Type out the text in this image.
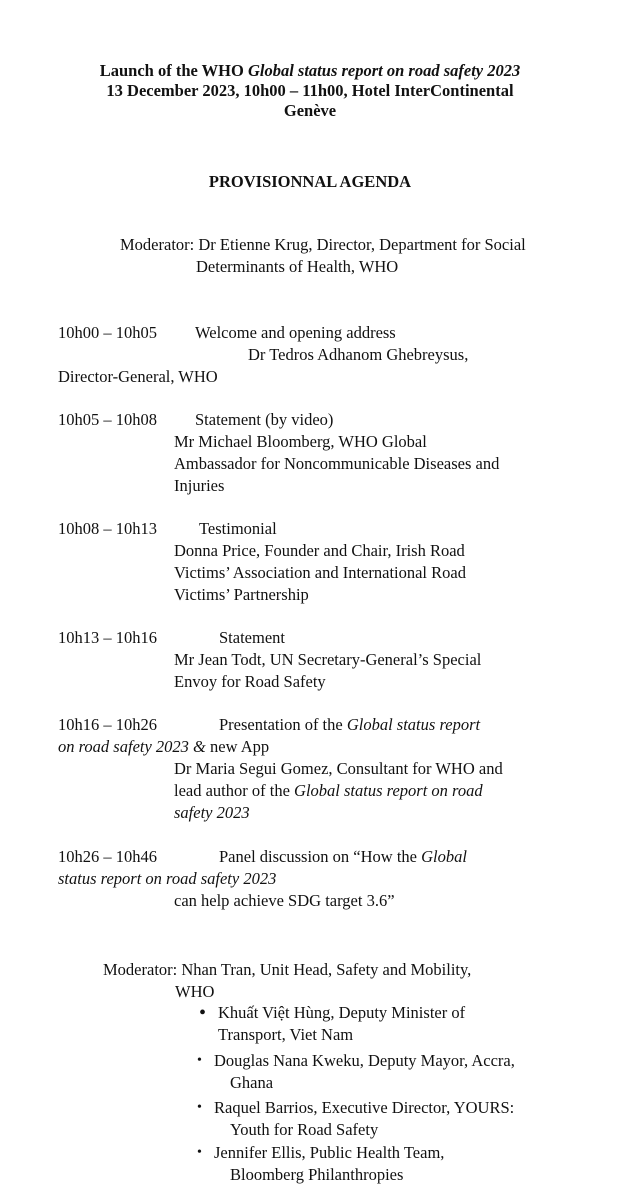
Launch of the WHO Global status report on road safety 2023
13 December 2023, 10h00 – 11h00, Hotel InterContinental
Genève
PROVISIONNAL AGENDA
Moderator: Dr Etienne Krug, Director, Department for Social
Determinants of Health, WHO
10h00 – 10h05 Welcome and opening address
Dr Tedros Adhanom Ghebreysus,
Director-General, WHO
10h05 – 10h08 Statement (by video)
Mr Michael Bloomberg, WHO Global
Ambassador for Noncommunicable Diseases and
Injuries
10h08 – 10h13	Testimonial
Donna Price, Founder and Chair, Irish Road
Victims’ Association and International Road
Victims’ Partnership
10h13 – 10h16	Statement
Mr Jean Todt, UN Secretary-General’s Special
Envoy for Road Safety
10h16 – 10h26	Presentation of the Global status report
on road safety 2023 & new App
Dr Maria Segui Gomez, Consultant for WHO and
lead author of the Global status report on road
safety 2023
10h26 – 10h46	Panel discussion on “How the Global
status report on road safety 2023
can help achieve SDG target 3.6”
Moderator: Nhan Tran, Unit Head, Safety and Mobility,
WHO
• Khuất Việt Hùng, Deputy Minister of
Transport, Viet Nam
• Douglas Nana Kweku, Deputy Mayor, Accra,
Ghana
• Raquel Barrios, Executive Director, YOURS:
Youth for Road Safety
• Jennifer Ellis, Public Health Team,
Bloomberg Philanthropies
